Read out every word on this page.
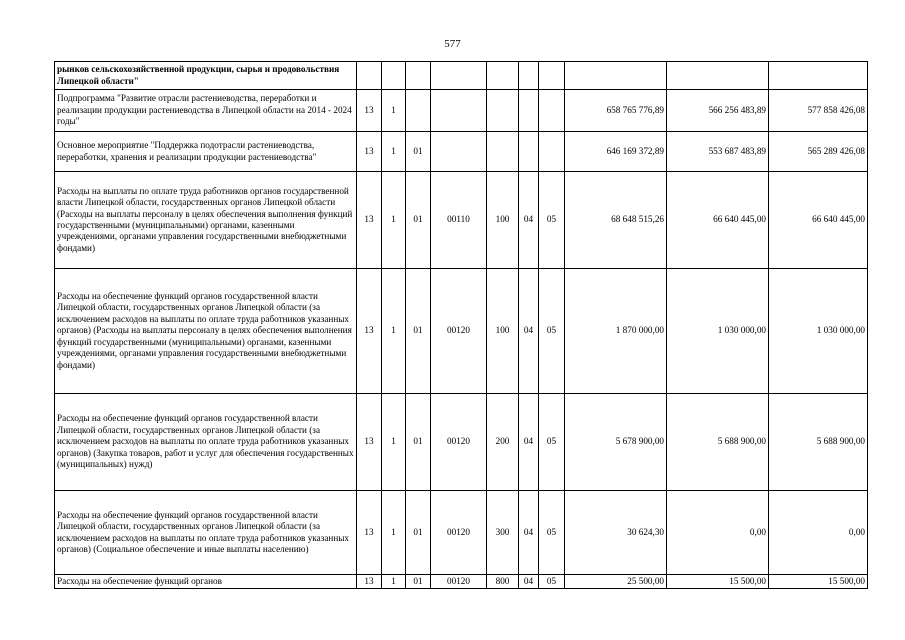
577
рынков сельскохозяйственной продукции, сырья и продовольствия Липецкой области"										
Подпрограмма "Развитие отрасли растениеводства, переработки и реализации продукции растениеводства в Липецкой области на 2014 - 2024 годы"	13	1						658 765 776,89	566 256 483,89	577 858 426,08
Основное мероприятие "Поддержка подотрасли растениеводства, переработки, хранения и реализации продукции растениеводства"	13	1	01					646 169 372,89	553 687 483,89	565 289 426,08
Расходы на выплаты по оплате труда работников органов государственной власти Липецкой области, государственных органов Липецкой области (Расходы на выплаты персоналу в целях обеспечения выполнения функций государственными (муниципальными) органами, казенными учреждениями, органами управления государственными внебюджетными фондами)	13	1	01	00110	100	04	05	68 648 515,26	66 640 445,00	66 640 445,00
Расходы на обеспечение функций органов государственной власти Липецкой области, государственных органов Липецкой области (за исключением расходов на выплаты по оплате труда работников указанных органов) (Расходы на выплаты персоналу в целях обеспечения выполнения функций государственными (муниципальными) органами, казенными учреждениями, органами управления государственными внебюджетными фондами)	13	1	01	00120	100	04	05	1 870 000,00	1 030 000,00	1 030 000,00
Расходы на обеспечение функций органов государственной власти Липецкой области, государственных органов Липецкой области (за исключением расходов на выплаты по оплате труда работников указанных органов) (Закупка товаров, работ и услуг для обеспечения государственных (муниципальных) нужд)	13	1	01	00120	200	04	05	5 678 900,00	5 688 900,00	5 688 900,00
Расходы на обеспечение функций органов государственной власти Липецкой области, государственных органов Липецкой области (за исключением расходов на выплаты по оплате труда работников указанных органов) (Социальное обеспечение и иные выплаты населению)	13	1	01	00120	300	04	05	30 624,30	0,00	0,00
Расходы на обеспечение функций органов	13	1	01	00120	800	04	05	25 500,00	15 500,00	15 500,00
